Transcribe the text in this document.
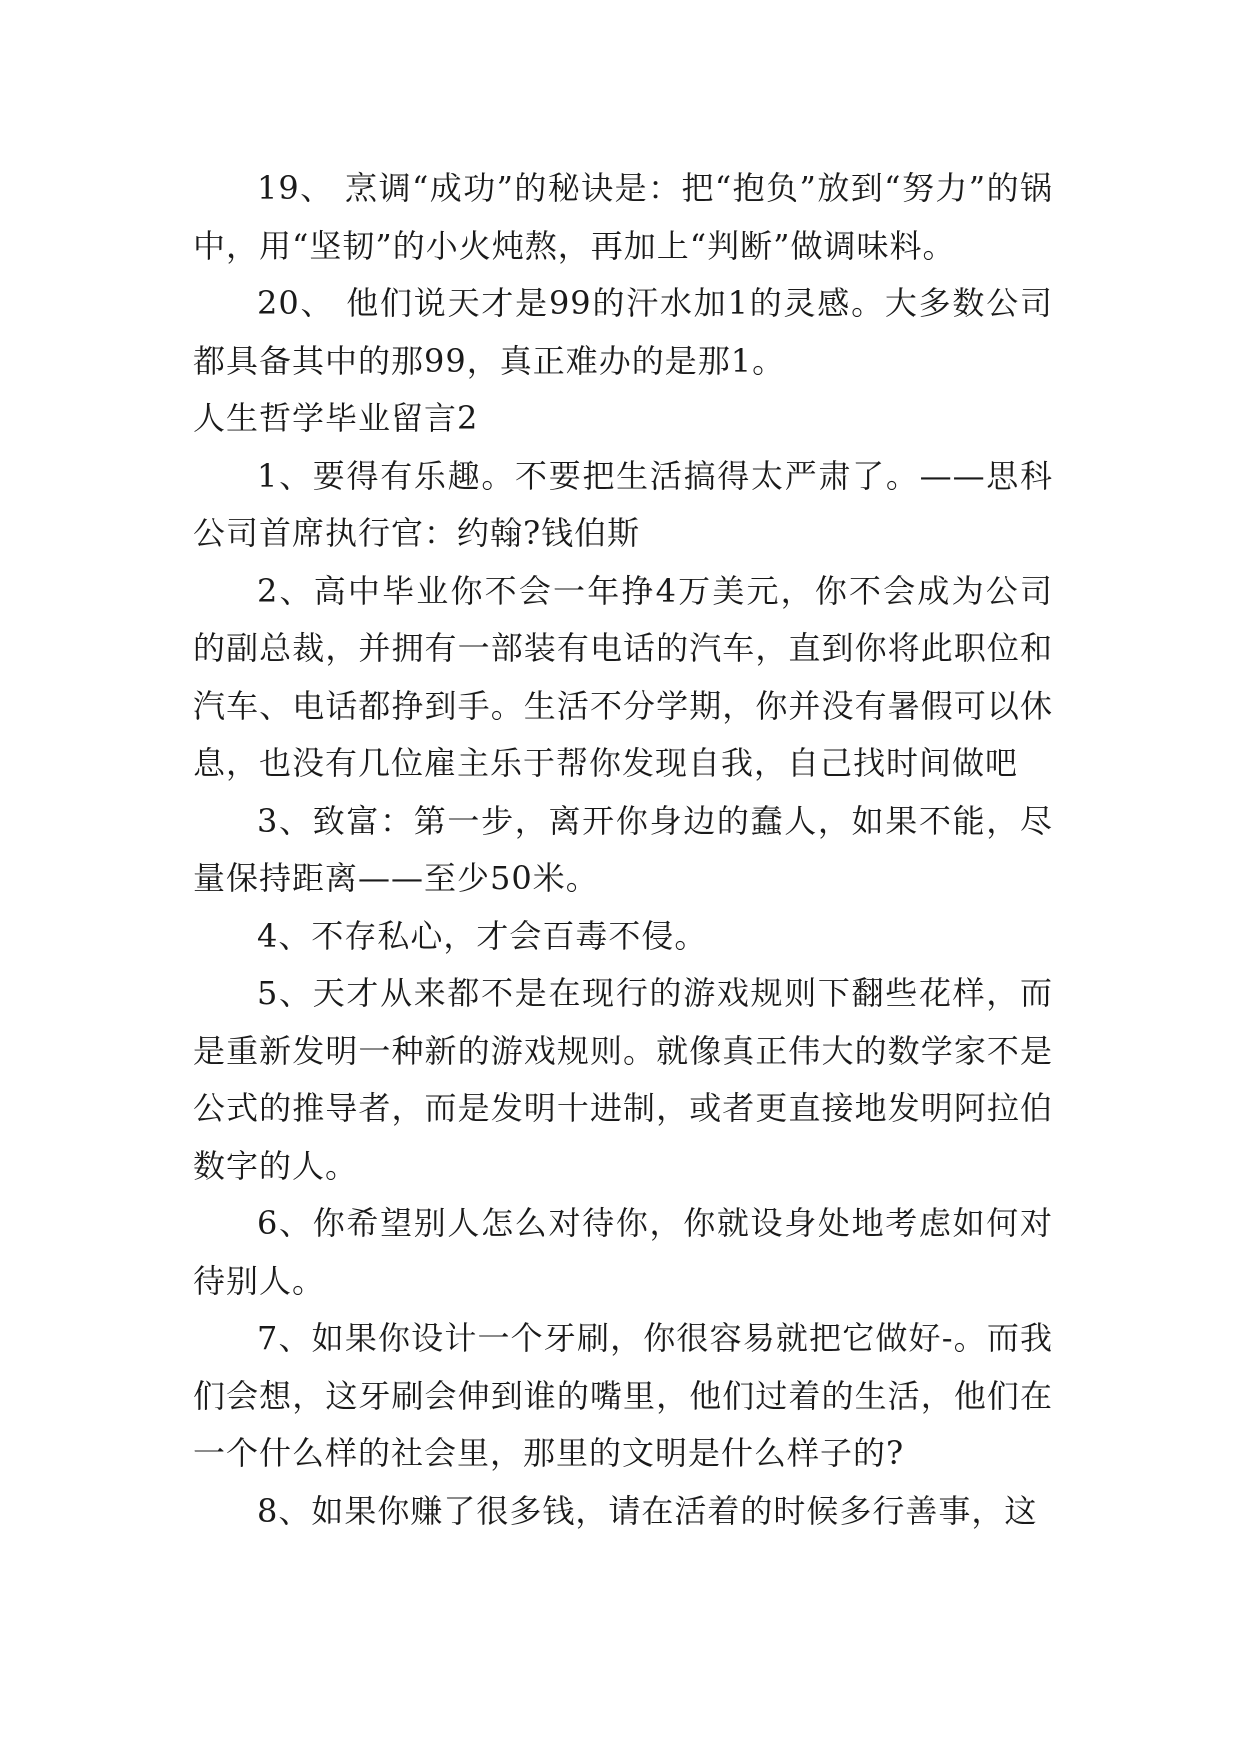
19、 烹调“成功”的秘诀是：把“抱负”放到“努力”的锅中，用“坚韧”的小火炖熬，再加上“判断”做调味料。

20、 他们说天才是99的汗水加1的灵感。大多数公司都具备其中的那99，真正难办的是那1。

人生哲学毕业留言2

1、要得有乐趣。不要把生活搞得太严肃了。——思科公司首席执行官：约翰?钱伯斯

2、高中毕业你不会一年挣4万美元，你不会成为公司的副总裁，并拥有一部装有电话的汽车，直到你将此职位和汽车、电话都挣到手。生活不分学期，你并没有暑假可以休息，也没有几位雇主乐于帮你发现自我，自己找时间做吧

3、致富：第一步，离开你身边的蠢人，如果不能，尽量保持距离——至少50米。

4、不存私心，才会百毒不侵。

5、天才从来都不是在现行的游戏规则下翻些花样，而是重新发明一种新的游戏规则。就像真正伟大的数学家不是公式的推导者，而是发明十进制，或者更直接地发明阿拉伯数字的人。

6、你希望别人怎么对待你，你就设身处地考虑如何对待别人。

7、如果你设计一个牙刷，你很容易就把它做好-。而我们会想，这牙刷会伸到谁的嘴里，他们过着的生活，他们在一个什么样的社会里，那里的文明是什么样子的?

8、如果你赚了很多钱，请在活着的时候多行善事，这
